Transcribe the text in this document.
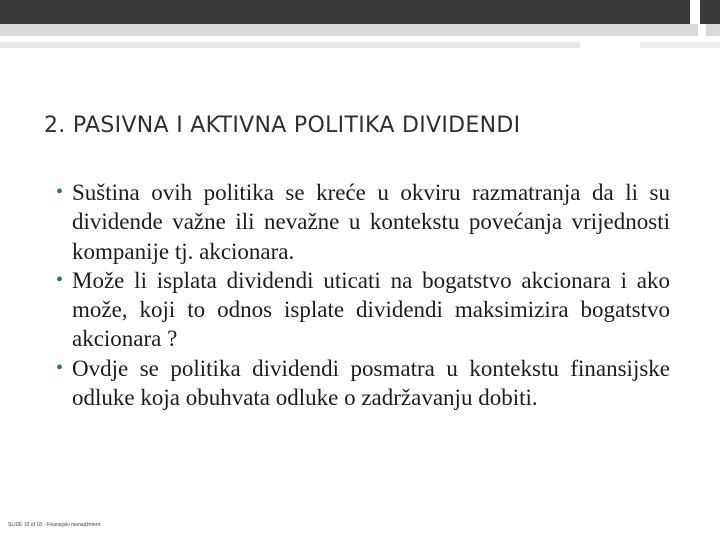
2. PASIVNA I AKTIVNA POLITIKA DIVIDENDI
• Suština ovih politika se kreće u okviru razmatranja da li su dividende važne ili nevažne u kontekstu povećanja vrijednosti kompanije tj. akcionara.
• Može li isplata dividendi uticati na bogatstvo akcionara i ako može, koji to odnos isplate dividendi maksimizira bogatstvo akcionara ?
• Ovdje se politika dividendi posmatra u kontekstu finansijske odluke koja obuhvata odluke o zadržavanju dobiti.
SLIDE 10 of 18 · Finansijski menadžment
